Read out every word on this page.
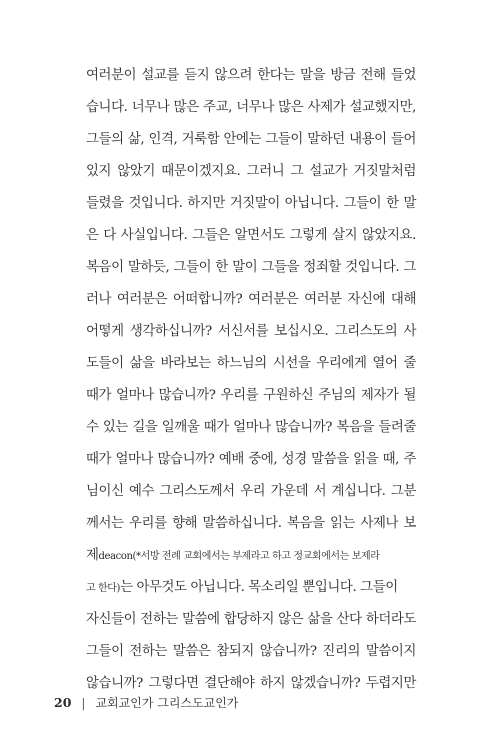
여러분이 설교를 듣지 않으려 한다는 말을 방금 전해 들었
습니다. 너무나 많은 주교, 너무나 많은 사제가 설교했지만,
그들의 삶, 인격, 거룩함 안에는 그들이 말하던 내용이 들어
있지 않았기 때문이겠지요. 그러니 그 설교가 거짓말처럼
들렸을 것입니다. 하지만 거짓말이 아닙니다. 그들이 한 말
은 다 사실입니다. 그들은 알면서도 그렇게 살지 않았지요.
복음이 말하듯, 그들이 한 말이 그들을 정죄할 것입니다. 그
러나 여러분은 어떠합니까? 여러분은 여러분 자신에 대해
어떻게 생각하십니까? 서신서를 보십시오. 그리스도의 사
도들이 삶을 바라보는 하느님의 시선을 우리에게 열어 줄
때가 얼마나 많습니까? 우리를 구원하신 주님의 제자가 될
수 있는 길을 일깨울 때가 얼마나 많습니까? 복음을 들려줄
때가 얼마나 많습니까? 예배 중에, 성경 말씀을 읽을 때, 주
님이신 예수 그리스도께서 우리 가운데 서 계십니다. 그분
께서는 우리를 향해 말씀하십니다. 복음을 읽는 사제나 보
제deacon(*서방 전례 교회에서는 부제라고 하고 정교회에서는 보제라
고 한다)는 아무것도 아닙니다. 목소리일 뿐입니다. 그들이
자신들이 전하는 말씀에 합당하지 않은 삶을 산다 하더라도
그들이 전하는 말씀은 참되지 않습니까? 진리의 말씀이지
않습니까? 그렇다면 결단해야 하지 않겠습니까? 두렵지만
20 | 교회교인가 그리스도교인가
